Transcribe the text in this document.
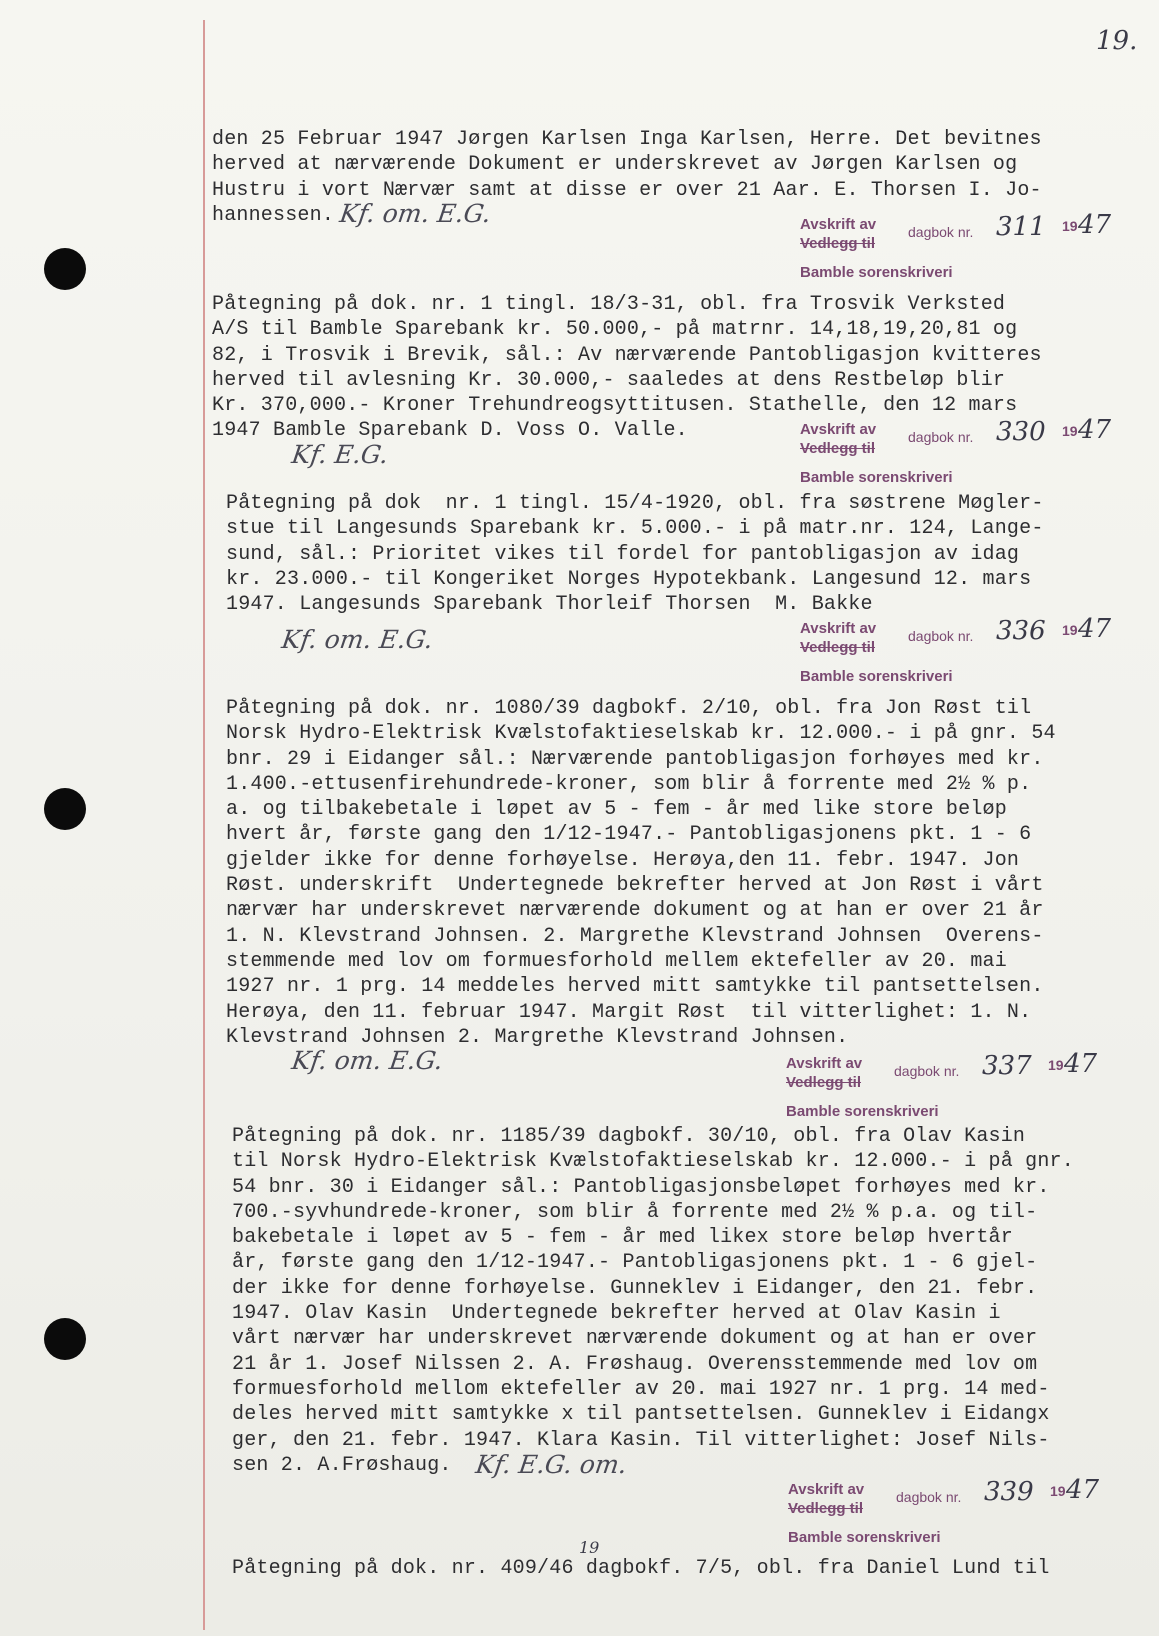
19.
den 25 Februar 1947 Jørgen Karlsen Inga Karlsen, Herre. Det bevitnes
herved at nærværende Dokument er underskrevet av Jørgen Karlsen og
Hustru i vort Nærvær samt at disse er over 21 Aar. E. Thorsen I. Jo-
hannessen. Kf. om. E.G.	Avskrift av
Vedlegg til
dagbok nr. 311 19 47
Bamble sorenskriveri
Påtegning på dok. nr. 1 tingl. 18/3-31, obl. fra Trosvik Verksted
A/S til Bamble Sparebank kr. 50.000,- på matrnr. 14,18,19,20,81 og
82, i Trosvik i Brevik, sål.: Av nærværende Pantobligasjon kvitteres
herved til avlesning Kr. 30.000,- saaledes at dens Restbeløp blir
Kr. 370,000.- Kroner Trehundreogsyttitusen. Stathelle, den 12 mars
1947 Bamble Sparebank D. Voss O. Valle.
Kf. E.G.
Avskrift av
Vedlegg til
dagbok nr. 330 19 47
Bamble sorenskriveri
Påtegning på dok  nr. 1 tingl. 15/4-1920, obl. fra søstrene Møgler-
stue til Langesunds Sparebank kr. 5.000.- i på matr.nr. 124, Lange-
sund, sål.: Prioritet vikes til fordel for pantobligasjon av idag
kr. 23.000.- til Kongeriket Norges Hypotekbank. Langesund 12. mars
1947. Langesunds Sparebank Thorleif Thorsen  M. Bakke
Kf. om. E.G.	Avskrift av
Vedlegg til
dagbok nr. 336 19 47
Bamble sorenskriveri
Påtegning på dok. nr. 1080/39 dagbokf. 2/10, obl. fra Jon Røst til
Norsk Hydro-Elektrisk Kvælstofaktieselskab kr. 12.000.- i på gnr. 54
bnr. 29 i Eidanger sål.: Nærværende pantobligasjon forhøyes med kr.
1.400.-ettusenfirehundrede-kroner, som blir å forrente med 2½ % p.
a. og tilbakebetale i løpet av 5 - fem - år med like store beløp
hvert år, første gang den 1/12-1947.- Pantobligasjonens pkt. 1 - 6
gjelder ikke for denne forhøyelse. Herøya,den 11. febr. 1947. Jon
Røst. underskrift  Undertegnede bekrefter herved at Jon Røst i vårt
nærvær har underskrevet nærværende dokument og at han er over 21 år
1. N. Klevstrand Johnsen. 2. Margrethe Klevstrand Johnsen  Overens-
stemmende med lov om formuesforhold mellem ektefeller av 20. mai
1927 nr. 1 prg. 14 meddeles herved mitt samtykke til pantsettelsen.
Herøya, den 11. februar 1947. Margit Røst  til vitterlighet: 1. N.
Klevstrand Johnsen 2. Margrethe Klevstrand Johnsen.
Kf. om. E.G.	Avskrift av
Vedlegg til
dagbok nr. 337 19 47
Bamble sorenskriveri
Påtegning på dok. nr. 1185/39 dagbokf. 30/10, obl. fra Olav Kasin
til Norsk Hydro-Elektrisk Kvælstofaktieselskab kr. 12.000.- i på gnr.
54 bnr. 30 i Eidanger sål.: Pantobligasjonsbeløpet forhøyes med kr.
700.-syvhundrede-kroner, som blir å forrente med 2½ % p.a. og til-
bakebetale i løpet av 5 - fem - år med likex store beløp hvertår
år, første gang den 1/12-1947.- Pantobligasjonens pkt. 1 - 6 gjel-
der ikke for denne forhøyelse. Gunneklev i Eidanger, den 21. febr.
1947. Olav Kasin  Undertegnede bekrefter herved at Olav Kasin i
vårt nærvær har underskrevet nærværende dokument og at han er over
21 år 1. Josef Nilssen 2. A. Frøshaug. Overensstemmende med lov om
formuesforhold mellom ektefeller av 20. mai 1927 nr. 1 prg. 14 med-
deles herved mitt samtykke x til pantsettelsen. Gunneklev i Eidangx
ger, den 21. febr. 1947. Klara Kasin. Til vitterlighet: Josef Nils-
sen 2. A.Frøshaug. Kf. E.G. om.
Avskrift av
Vedlegg til
dagbok nr. 339 19 47
Bamble sorenskriveri
19
Påtegning på dok. nr. 409/46 dagbokf. 7/5, obl. fra Daniel Lund til
